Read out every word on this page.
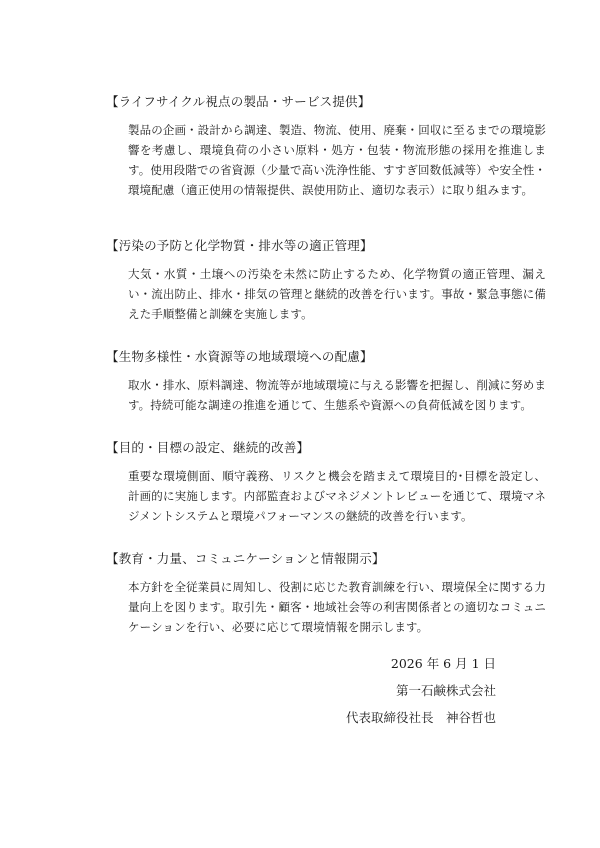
【ライフサイクル視点の製品・サービス提供】

製品の企画・設計から調達、製造、物流、使用、廃棄・回収に至るまでの環境影響を考慮し、環境負荷の小さい原料・処方・包装・物流形態の採用を推進します。使用段階での省資源（少量で高い洗浄性能、すすぎ回数低減等）や安全性・環境配慮（適正使用の情報提供、誤使用防止、適切な表示）に取り組みます。

【汚染の予防と化学物質・排水等の適正管理】

大気・水質・土壌への汚染を未然に防止するため、化学物質の適正管理、漏えい・流出防止、排水・排気の管理と継続的改善を行います。事故・緊急事態に備えた手順整備と訓練を実施します。

【生物多様性・水資源等の地域環境への配慮】

取水・排水、原料調達、物流等が地域環境に与える影響を把握し、削減に努めます。持続可能な調達の推進を通じて、生態系や資源への負荷低減を図ります。

【目的・目標の設定、継続的改善】

重要な環境側面、順守義務、リスクと機会を踏まえて環境目的･目標を設定し、計画的に実施します。内部監査およびマネジメントレビューを通じて、環境マネジメントシステムと環境パフォーマンスの継続的改善を行います。

【教育・力量、コミュニケーションと情報開示】

本方針を全従業員に周知し、役割に応じた教育訓練を行い、環境保全に関する力量向上を図ります。取引先・顧客・地域社会等の利害関係者との適切なコミュニケーションを行い、必要に応じて環境情報を開示します。

2026 年 6 月 1 日
第一石鹸株式会社
代表取締役社長　神谷哲也
